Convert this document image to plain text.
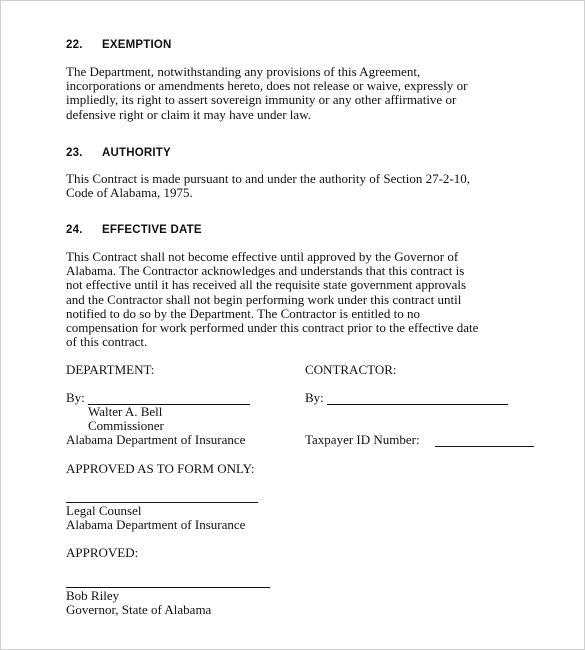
22. EXEMPTION
The Department, notwithstanding any provisions of this Agreement,
incorporations or amendments hereto, does not release or waive, expressly or
impliedly, its right to assert sovereign immunity or any other affirmative or
defensive right or claim it may have under law.
23. AUTHORITY
This Contract is made pursuant to and under the authority of Section 27-2-10,
Code of Alabama, 1975.
24. EFFECTIVE DATE
This Contract shall not become effective until approved by the Governor of
Alabama. The Contractor acknowledges and understands that this contract is
not effective until it has received all the requisite state government approvals
and the Contractor shall not begin performing work under this contract until
notified to do so by the Department. The Contractor is entitled to no
compensation for work performed under this contract prior to the effective date
of this contract.
DEPARTMENT:	CONTRACTOR:
By:	By:
Walter A. Bell
Commissioner
Alabama Department of Insurance	Taxpayer ID Number:
APPROVED AS TO FORM ONLY:
Legal Counsel
Alabama Department of Insurance
APPROVED:
Bob Riley
Governor, State of Alabama
